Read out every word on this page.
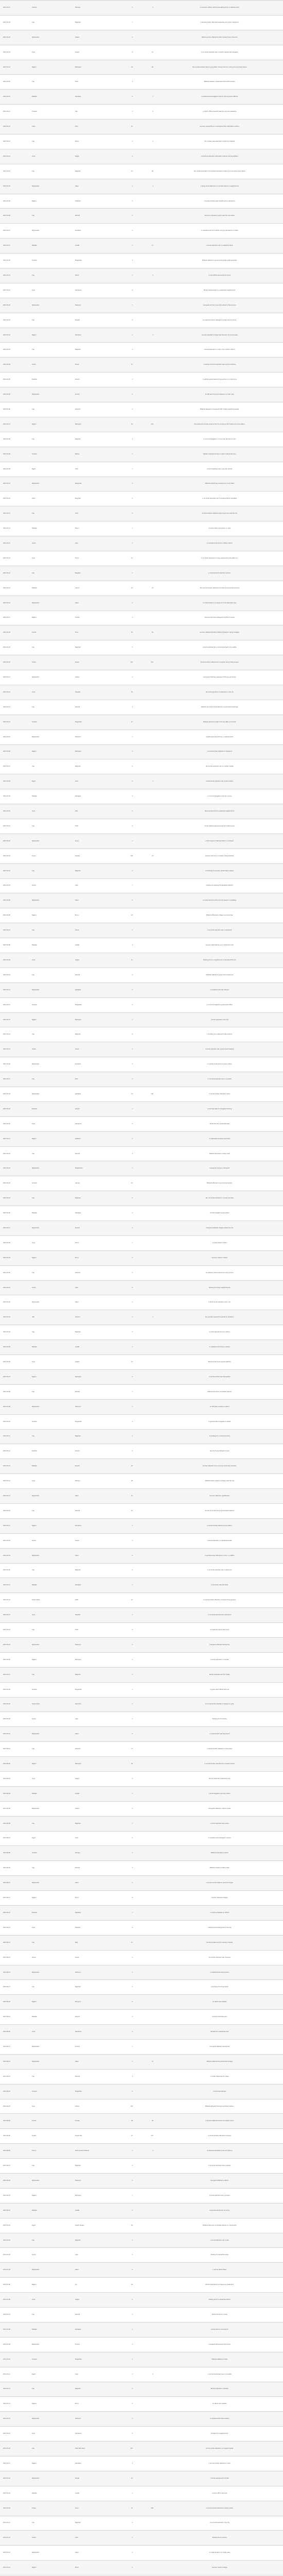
2015-02-17	Ukraine	Mariupol	0	0	A Ukrainian military vehicle was destroyed by a roadside bomb.
2015-02-18	Iraq	Baghdad	7		A suicide bomber detonated explosives at a police checkpoint.
2015-02-18	Afghanistan	Ghazni	4		Taliban gunmen attacked a district government compound.
2015-02-19	Syria	Aleppo	8	14	A car bomb exploded near a market crowded with shoppers.
2015-02-19	Nigeria	Maiduguri	34	56	Two suicide bombers struck a bus station during rush hour, killing and wounding dozens.
2015-02-20	Iraq	Tikrit	3		Militants shelled a residential district with mortars.
2015-02-21	Pakistan	Peshawar	0	1	A roadside bomb targeted a vehicle carrying police officers.
2015-02-21	Thailand	Yala	1	0	A district official was shot dead by unknown assailants.
2015-02-22	Libya	Sirte	12		Gunmen opened fire on a checkpoint, then detonated a vehicle.
2015-02-23	Iraq	Mosul	2	0	Two civilians were executed in public by militants.
2015-02-24	Syria	Raqqa	4		A landmine exploded underneath a vehicle carrying fighters.
2015-02-24	Iraq	Baghdad	12	28	Two bombs exploded in the market area killing civilians and wounding many others.
2015-02-25	Afghanistan	Kabul	1	1	A sticky bomb attached to a car detonated in a neighborhood.
2015-02-26	Nigeria	Potiskum	0		A suicide bomber blew himself up at a checkpoint.
2015-02-26	Iraq	Ramadi	6		Gunmen ambushed a patrol near the city center.
2015-02-27	Afghanistan	Kandahar	2		A roadside bomb hit a vehicle carrying members of a militia.
2015-02-27	Pakistan	Quetta	5	11	A bomb exploded near a crowded bus stop.
2015-02-28	Somalia	Mogadishu	3		Militants attacked a government building with grenades.
2015-03-01	Iraq	Kirkuk	1	0	A local official was shot at his home.
2015-03-01	Syria	Damascus	9		Mortar shells landed on a residential neighborhood.
2015-03-02	Afghanistan	Helmand	7		Insurgents stormed a security outpost in the province.
2015-03-02	Iraq	Fallujah	0		An explosive device damaged a bridge used by forces.
2015-03-03	Nigeria	Damaturu	2	5	Gunmen attacked a village near the town, burning houses.
2015-03-04	Iraq	Baghdad	4		A bomb exploded in a cafe in the northern district.
2015-03-04	Yemen	Sanaa	13		A suicide car bomb exploded near a police academy.
2015-03-05	Pakistan	Karachi	1		A political worker was shot by gunmen on a motorcycle.
2015-03-05	Afghanistan	Kunduz	0		An IED was found and defused on a main road.
2015-03-06	Iraq	Samarra	5		Militants attacked a checkpoint with rocket-propelled grenades.
2015-03-07	Nigeria	Maiduguri	54	143	Five explosions hit busy areas of the city including a fish market and a bus station.
2015-03-08	Iraq	Baghdad	3		A car bomb targeted a convoy near the airport road.
2015-03-09	Somalia	Baidoa	2		Fighters ambushed troops on patrol outside the town.
2015-03-09	Egypt	Arish	1		A bomb exploded near a security vehicle.
2015-03-10	Afghanistan	Nangarhar	3		Militants killed three members of a local militia.
2015-03-10	Libya	Benghazi	0		A car bomb exploded near a hospital without casualties.
2015-03-11	Iraq	Tikrit	6		Suicide bombers attacked advancing forces near the city.
2015-03-12	Pakistan	Bannu	1		Gunmen killed a policeman on duty.
2015-03-12	Yemen	Aden	3		A roadside bomb struck a military vehicle.
2015-03-13	Syria	Homs	12		A car bomb exploded in a busy square during the afternoon.
2015-03-14	Iraq	Baqubah	2		A roadside bomb killed two soldiers.
2015-03-15	Pakistan	Lahore	15	70	Two suicide bombers attacked churches during Sunday services.
2015-03-16	Afghanistan	Kabul	0		A rocket landed in an empty lot in the diplomatic area.
2015-03-17	Nigeria	Gombe	4		Gunmen stormed a village and set fire to homes.
2015-03-18	Tunisia	Tunis	22	50	Gunmen attacked the Bardo National Museum, taking hostages.
2015-03-19	Iraq	Baghdad	5		A bomb exploded at a commercial street in the capital.
2015-03-20	Yemen	Sanaa	142	351	Suicide bombers attacked two mosques during Friday prayers.
2015-03-21	Afghanistan	Ghazni	2		Insurgents killed two members of the security forces.
2015-03-22	Syria	Hasakah	45		Two bombings struck a celebration in the city.
2015-03-23	Iraq	Ramadi	3		Militants launched mortar attacks on government buildings.
2015-03-24	Somalia	Mogadishu	17		Militants stormed a hotel in the city after a car bomb.
2015-03-25	Afghanistan	Helmand	1		A tribal elder was killed by a roadside bomb.
2015-03-26	Nigeria	Maiduguri	3		A suicide bomber attacked a checkpoint.
2015-03-27	Iraq	Baghdad	6		Two bombs exploded near a crowded market.
2015-03-28	Egypt	Cairo	0	2	A small bomb exploded near a police station.
2015-03-29	Pakistan	Peshawar	4		A car bomb targeted a security convoy.
2015-03-30	Syria	Idlib	9		Barrel bombs struck a residential neighborhood.
2015-03-31	Iraq	Tikrit	0		Forces defused explosives planted inside houses.
2015-04-01	Afghanistan	Kunar	1		A district police chief was killed in an ambush.
2015-04-02	Kenya	Garissa	148	79	Gunmen stormed a university, killing students.
2015-04-03	Iraq	Baghdad	4		A bombing at a popular market killed civilians.
2015-04-04	Yemen	Aden	7		Clashes and shelling hit residential districts.
2015-04-05	Afghanistan	Kabul	0		A rocket was fired at the city but caused no casualties.
2015-04-06	Nigeria	Borno	24		Militants attacked a village, burning homes.
2015-04-07	Iraq	Kirkuk	2		A car bomb exploded near a checkpoint.
2015-04-08	Pakistan	Quetta	3		Gunmen killed laborers at a construction site.
2015-04-09	Syria	Aleppo	11		Shelling struck a neighborhood in the east of the city.
2015-04-10	Iraq	Ramadi	5		Militants attacked a government compound.
2015-04-11	Afghanistan	Jalalabad	0		A roadside bomb was defused.
2015-04-12	Somalia	Mogadishu	6		A car bomb targeted a government office.
2015-04-13	Nigeria	Maiduguri	1		A bomb exploded in the city.
2015-04-14	Iraq	Baghdad	8		A bombing at a restaurant killed patrons.
2015-04-15	Yemen	Sanaa	3		A bomb exploded near a government building.
2015-04-16	Afghanistan	Kandahar	2		A roadside bomb struck a police vehicle.
2015-04-17	Iraq	Erbil	4		A car bomb exploded near a consulate.
2015-04-18	Afghanistan	Jalalabad	33	100	A suicide bomber attacked a bank.
2015-04-19	Pakistan	Karachi	1		A man was killed in a targeted shooting.
2015-04-20	Syria	Damascus	5		Mortar fire hit a residential area.
2015-04-21	Nigeria	Potiskum	0		An attempted bombing was foiled.
2015-04-22	Iraq	Ramadi	3		Militants attacked a military post.
2015-04-23	Afghanistan	Badakhshan	7		Insurgents overran a checkpoint.
2015-04-24	Somalia	Garowe	10		Militants attacked a bus carrying workers.
2015-04-25	Iraq	Baghdad	6		Two car bombs exploded in commercial areas.
2015-04-26	Pakistan	Peshawar	2		A bomb targeted a police patrol.
2015-04-27	Afghanistan	Kunduz	4		Insurgents attacked villages outside the city.
2015-04-28	Syria	Homs	1		A sniper killed a civilian.
2015-04-29	Nigeria	Borno	9		Gunmen raided a market.
2015-04-30	Iraq	Samarra	0		An explosive device was found near a shrine.
2015-05-01	Yemen	Aden	8		Shelling hit civilian neighborhoods.
2015-05-02	Afghanistan	Kabul	2		A sticky bomb exploded under a car.
2015-05-03	USA	Garland	2	1	Two gunmen opened fire outside an exhibition.
2015-05-04	Iraq	Baghdad	5		A bomb exploded at a bus station.
2015-05-05	Pakistan	Quetta	3		A roadside bomb struck a vehicle.
2015-05-06	Syria	Aleppo	14		Barrel bombs struck several districts.
2015-05-07	Nigeria	Maiduguri	0		A suicide bomber was intercepted.
2015-05-08	Iraq	Ramadi	7		Militants launched coordinated attacks.
2015-05-09	Afghanistan	Helmand	1		An IED killed a soldier on patrol.
2015-05-10	Somalia	Mogadishu	4		A grenade attack targeted a market.
2015-05-11	Iraq	Baghdad	3		A bombing hit a commercial area.
2015-05-12	Pakistan	Karachi	0		Security forces defused a bomb.
2015-05-13	Pakistan	Karachi	45		Gunmen attacked a bus carrying community members.
2015-05-14	Syria	Palmyra	26		Militants killed civilians in villages near the city.
2015-05-15	Afghanistan	Kabul	14		Gunmen attacked a guesthouse.
2015-05-16	Iraq	Ramadi	10		Suicide car bombs struck government positions.
2015-05-17	Nigeria	Damaturu	7		A suicide bomber attacked a bus station.
2015-05-18	Yemen	Sanaa	2		A bomb exploded in a residential street.
2015-05-19	Afghanistan	Kabul	0		A suicide bomber attacked a convoy, no deaths.
2015-05-20	Iraq	Baghdad	6		A car bomb exploded near a restaurant.
2015-05-21	Pakistan	Peshawar	1		A policeman was shot dead.
2015-05-22	Saudi Arabia	Qatif	21		A suicide bomber attacked a mosque during prayers.
2015-05-23	Syria	Hasakah	3		A car bomb exploded at a checkpoint.
2015-05-24	Iraq	Tikrit	0		An explosive device was found.
2015-05-25	Afghanistan	Helmand	5		Insurgents attacked checkpoints.
2015-05-26	Nigeria	Maiduguri	2		A bomb exploded in a market.
2015-05-27	Iraq	Baghdad	4		Bombs exploded near two hotels.
2015-05-28	Somalia	Mogadishu	1		A government official was shot.
2015-05-29	Saudi Arabia	Dammam	4		A suicide bomber attacked a mosque car park.
2015-05-30	Yemen	Aden	3		Shelling struck civilians.
2015-05-31	Afghanistan	Kabul	0		A rocket landed near the airport.
2015-06-01	Iraq	Samarra	37		A suicide bomber attacked a police base.
2015-06-02	Nigeria	Maiduguri	30		A suicide bomber exploded at a crowded market.
2015-06-03	Syria	Aleppo	5		Mortar shells hit a residential area.
2015-06-04	Pakistan	Quetta	2		A bomb targeted a security vehicle.
2015-06-05	Afghanistan	Ghazni	6		Insurgents attacked a district center.
2015-06-06	Iraq	Baghdad	1		A bomb exploded near a shop.
2015-06-07	Egypt	Arish	0		A roadside bomb damaged a vehicle.
2015-06-08	Somalia	Kismayo	3		Militants ambushed a patrol.
2015-06-09	Iraq	Ramadi	4		Militants shelled a military base.
2015-06-10	Afghanistan	Kabul	0		A suicide bomber failed to reach the target.
2015-06-11	Nigeria	Borno	8		Gunmen attacked villages.
2015-06-12	Pakistan	Peshawar	1		A shooting targeted an official.
2015-06-13	Syria	Hasakah	9		Clashes and bombings struck the city.
2015-06-14	Iraq	Baiji	11		Suicide bombers struck a refinery complex.
2015-06-15	Yemen	Sanaa	2		Car bombs exploded near mosques.
2015-06-16	Afghanistan	Helmand	3		A roadside bomb struck police.
2015-06-17	Iraq	Baghdad	5		A bombing hit a busy street.
2015-06-18	Nigeria	Monguno	0		An attack was repelled.
2015-06-19	Pakistan	Karachi	2		Gunmen killed two men.
2015-06-20	Syria	Damascus	4		Rockets hit a residential area.
2015-06-21	Afghanistan	Kunduz	7		Insurgents attacked checkpoints.
2015-06-22	Afghanistan	Kabul	2	31	Militants attacked the parliament building.
2015-06-23	Iraq	Ramadi	3		A mortar attack struck a base.
2015-06-24	Somalia	Mogadishu	0		A bomb was defused.
2015-06-25	Syria	Kobani	146		Militants attacked the town and killed civilians.
2015-06-26	Tunisia	Sousse	38	39	A gunman attacked tourists at a beach resort.
2015-06-26	Kuwait	Kuwait City	27	227	A suicide bomber attacked a mosque.
2015-06-26	France	Saint-Quentin-Fallavier	1	2	An attacker beheaded a man at a factory.
2015-06-27	Iraq	Baghdad	4		A car bomb exploded near a market.
2015-06-28	Afghanistan	Helmand	5		Insurgents attacked a district.
2015-06-29	Nigeria	Maiduguri	1		A bomb exploded near a mosque.
2015-06-30	Pakistan	Quetta	0		A grenade was thrown at a shop.
2015-07-01	Egypt	Sheikh Zuweid	64		Militants launched coordinated attacks on checkpoints.
2015-07-02	Iraq	Baghdad	3		A bomb exploded near a cafe.
2015-07-03	Yemen	Aden	5		Shelling hit residential areas.
2015-07-04	Afghanistan	Kabul	0		A suicide attack failed.
2015-07-05	Nigeria	Jos	44		Bombs exploded at a mosque and restaurant.
2015-07-06	Syria	Aleppo	6		Shelling struck a residential district.
2015-07-07	Iraq	Ramadi	2		Mortar fire struck a base.
2015-07-08	Pakistan	Peshawar	1		A bomb struck a checkpoint.
2015-07-09	Afghanistan	Kunduz	4		Insurgents attacked security forces.
2015-07-10	Somalia	Mogadishu	3		Militants attacked a hotel.
2015-07-11	Egypt	Cairo	1	9	A car bomb exploded near a consulate.
2015-07-12	Iraq	Baghdad	6		Bombs exploded in markets.
2015-07-13	Nigeria	Borno	0		An attack was repelled.
2015-07-14	Afghanistan	Helmand	2		A roadside bomb killed soldiers.
2015-07-15	Syria	Damascus	5		Rockets hit a neighborhood.
2015-07-16	Iraq	Khan Bani Saad	115		A truck bomb exploded in a crowded market.
2015-07-17	Nigeria	Damaturu	3		A suicide bomber attacked a crowd.
2015-07-18	Afghanistan	Faryab	19		A bomb exploded at a market.
2015-07-19	Pakistan	Quetta	1		A police officer was shot.
2015-07-20	Turkey	Suruc	32	104	A suicide bomber attacked a cultural center.
2015-07-21	Iraq	Baghdad	4		A car bomb exploded in the city.
2015-07-22	Yemen	Aden	2		Shelling struck civilians.
2015-07-23	Afghanistan	Kabul	0		A rocket landed in an empty area.
2015-07-24	Nigeria	Borno	6		Gunmen raided a village.
